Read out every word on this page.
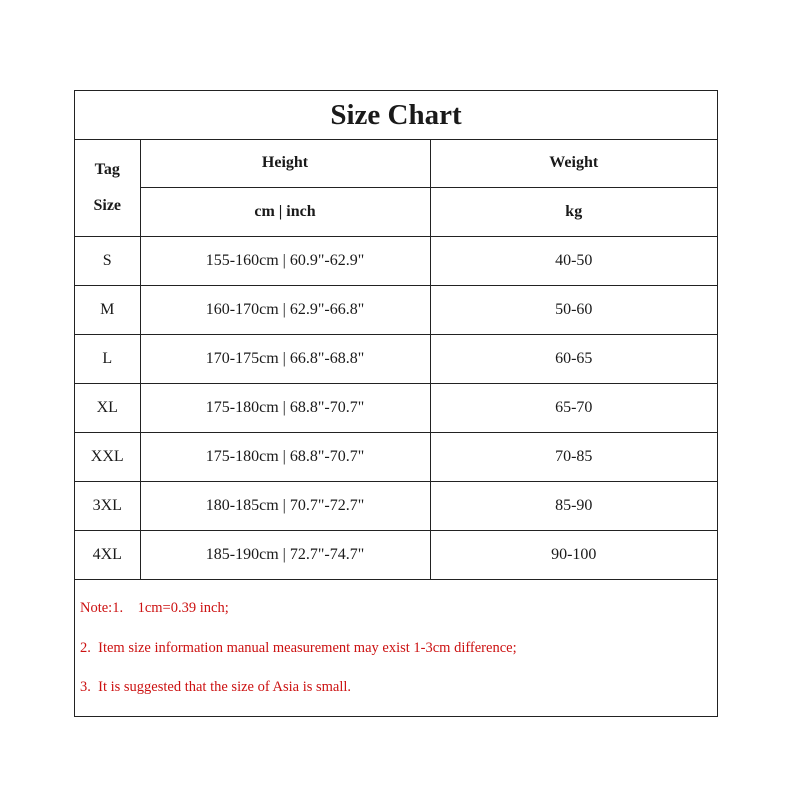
Size Chart
Tag
Size	Height	Weight
	cm | inch	kg
S	155-160cm | 60.9"-62.9"	40-50
M	160-170cm | 62.9"-66.8"	50-60
L	170-175cm | 66.8"-68.8"	60-65
XL	175-180cm | 68.8"-70.7"	65-70
XXL	175-180cm | 68.8"-70.7"	70-85
3XL	180-185cm | 70.7"-72.7"	85-90
4XL	185-190cm | 72.7"-74.7"	90-100
Note:1.    1cm=0.39 inch;
2.  Item size information manual measurement may exist 1-3cm difference;
3.  It is suggested that the size of Asia is small.
